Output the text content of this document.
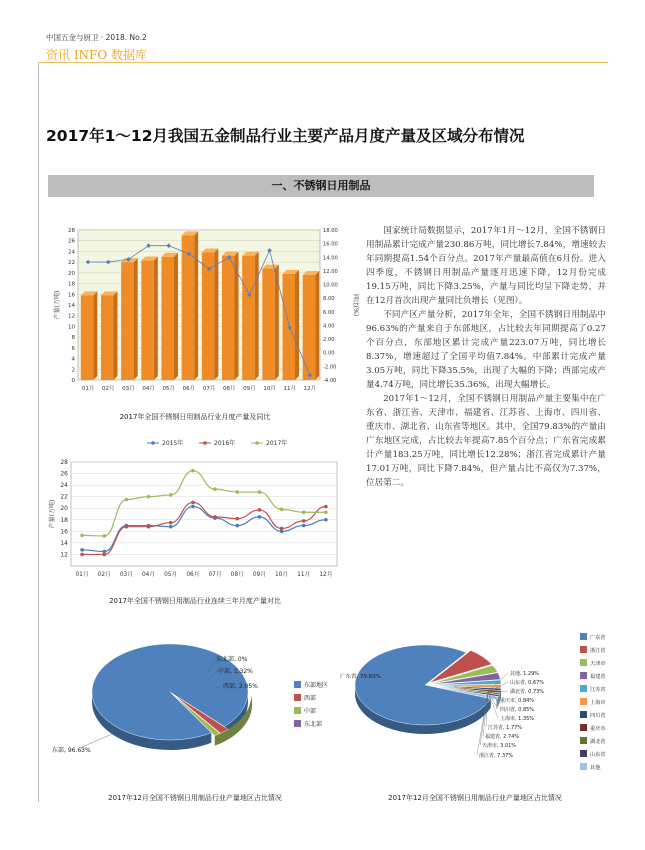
中国五金与厨卫 · 2018. No.2
资讯 INFO 数据库
2017年1～12月我国五金制品行业主要产品月度产量及区域分布情况
一、不锈钢日用制品
0
2
4
6
8
10
12
14
16
18
20
22
24
26
28
-4.00
-2.00
0.00
2.00
4.00
6.00
8.00
10.00
12.00
14.00
16.00
18.00
产量(万吨)	同比(%)
01月 02月 03月 04月 05月 06月 07月 08月 09月 10月 11月 12月
2017年全国不锈钢日用制品行业月度产量及同比
2015年	2016年	2017年
12
14
16
18
20
22
24
26
28
产量(万吨)
01月 02月 03月 04月 05月 06月 07月 08月 09月 10月 11月 12月
2017年全国不锈钢日用制品行业连续三年月度产量对比
东部, 96.63%
西部, 2.05%
中部, 1.32%
东北部, 0%
东部地区
西部
中部
东北部
2017年12月全国不锈钢日用制品行业产量地区占比情况
广东省, 79.83%	其他, 1.29%
山东省, 0.67%
湖北省, 0.73%
重庆市, 0.84%
四川省, 0.85%
上海市, 1.35%
江苏省, 1.77%
福建省, 2.74%
天津市, 3.01%
浙江省, 7.37%
广东省
浙江省
天津市
福建省
江苏省
上海市
四川省
重庆市
湖北省
山东省
其他
2017年12月全国不锈钢日用制品行业产量地区占比情况

国家统计局数据显示，2017年1月～12月，全国不锈钢日用制品累计完成产量230.86万吨，同比增长7.84%，增速较去年同期提高1.54个百分点。2017年产量最高值在6月份。进入四季度，不锈钢日用制品产量逐月迅速下降，12月份完成19.15万吨，同比下降3.25%，产量与同比均呈下降走势，并在12月首次出现产量同比负增长（见图）。

不同产区产量分析，2017年全年，全国不锈钢日用制品中96.63%的产量来自于东部地区，占比较去年同期提高了0.27个百分点，东部地区累计完成产量223.07万吨，同比增长8.37%，增速超过了全国平均值7.84%。中部累计完成产量3.05万吨，同比下降35.5%，出现了大幅的下降；西部完成产量4.74万吨，同比增长35.36%，出现大幅增长。

2017年1～12月，全国不锈钢日用制品产量主要集中在广东省、浙江省、天津市、福建省、江苏省、上海市、四川省、重庆市、湖北省、山东省等地区。其中，全国79.83%的产量由广东地区完成，占比较去年提高7.85个百分点；广东省完成累计产量183.25万吨，同比增长12.28%；浙江省完成累计产量17.01万吨，同比下降7.84%，但产量占比不高仅为7.37%，位居第二。
